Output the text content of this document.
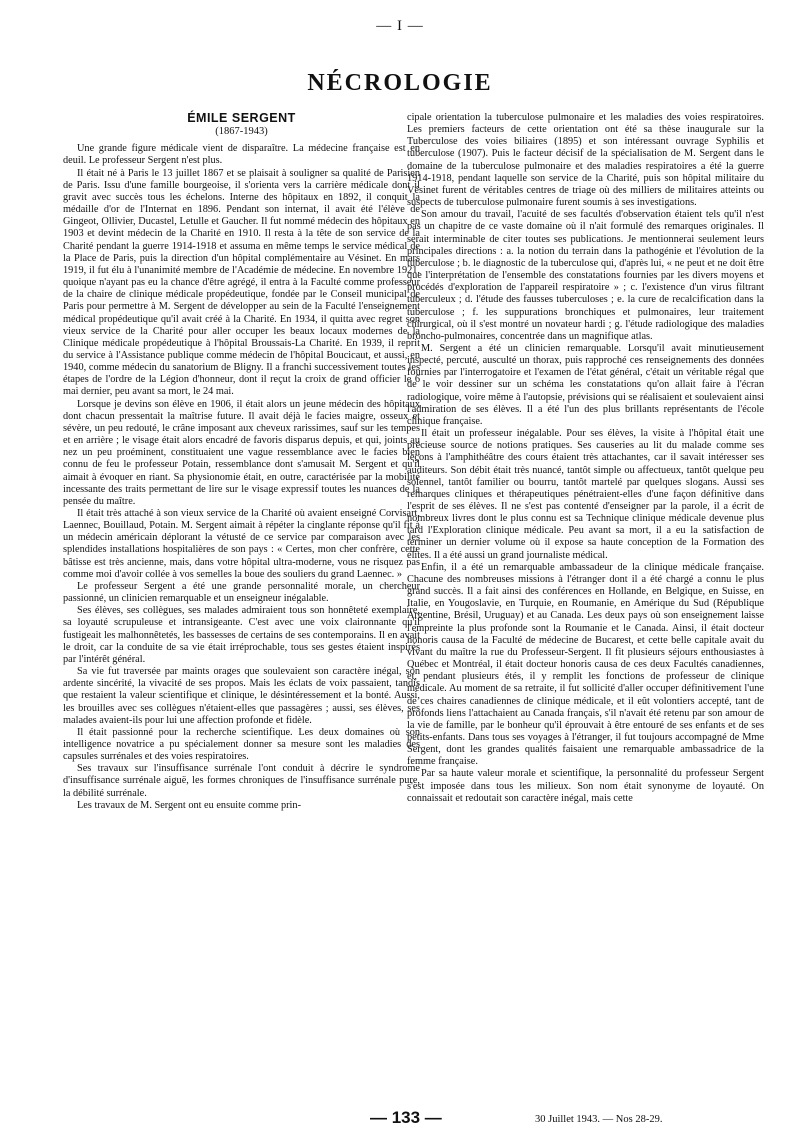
— I —
NÉCROLOGIE
ÉMILE SERGENT
(1867-1943)

Une grande figure médicale vient de disparaître. La médecine française est en deuil. Le professeur Sergent n'est plus.

Il était né à Paris le 13 juillet 1867 et se plaisait à souligner sa qualité de Parisien de Paris. Issu d'une famille bourgeoise, il s'orienta vers la carrière médicale dont il gravit avec succès tous les échelons. Interne des hôpitaux en 1892, il conquit la médaille d'or de l'Internat en 1896. Pendant son internat, il avait été l'élève de Gingeot, Ollivier, Ducastel, Letulle et Gaucher. Il fut nommé médecin des hôpitaux en 1903 et devint médecin de la Charité en 1910. Il resta à la tête de son service de la Charité pendant la guerre 1914-1918 et assuma en même temps le service médical de la Place de Paris, puis la direction d'un hôpital complémentaire au Vésinet. En mars 1919, il fut élu à l'unanimité membre de l'Académie de médecine. En novembre 1921, quoique n'ayant pas eu la chance d'être agrégé, il entra à la Faculté comme professeur de la chaire de clinique médicale propédeutique, fondée par le Conseil municipal de Paris pour permettre à M. Sergent de développer au sein de la Faculté l'enseignement médical propédeutique qu'il avait créé à la Charité. En 1934, il quitta avec regret son vieux service de la Charité pour aller occuper les beaux locaux modernes de la Clinique médicale propédeutique à l'hôpital Broussais-La Charité. En 1939, il reprit du service à l'Assistance publique comme médecin de l'hôpital Boucicaut, et aussi, en 1940, comme médecin du sanatorium de Bligny. Il a franchi successivement toutes les étapes de l'ordre de la Légion d'honneur, dont il reçut la croix de grand officier le 6 mai dernier, peu avant sa mort, le 24 mai.

Lorsque je devins son élève en 1906, il était alors un jeune médecin des hôpitaux dont chacun pressentait la maîtrise future. Il avait déjà le facies maigre, osseux et sévère, un peu redouté, le crâne imposant aux cheveux rarissimes, sauf sur les tempes et en arrière ; le visage était alors encadré de favoris disparus depuis, et qui, joints au nez un peu proéminent, constituaient une vague ressemblance avec le facies bien connu de feu le professeur Potain, ressemblance dont s'amusait M. Sergent et qu'il aimait à évoquer en riant. Sa physionomie était, en outre, caractérisée par la mobilité incessante des traits permettant de lire sur le visage expressif toutes les nuances de la pensée du maître.

Il était très attaché à son vieux service de la Charité où avaient enseigné Corvisart, Laennec, Bouillaud, Potain. M. Sergent aimait à répéter la cinglante réponse qu'il fit à un médecin américain déplorant la vétusté de ce service par comparaison avec les splendides installations hospitalières de son pays : « Certes, mon cher confrère, cette bâtisse est très ancienne, mais, dans votre hôpital ultra-moderne, vous ne risquez pas comme moi d'avoir collée à vos semelles la boue des souliers du grand Laennec. »

Le professeur Sergent a été une grande personnalité morale, un chercheur passionné, un clinicien remarquable et un enseigneur inégalable.

Ses élèves, ses collègues, ses malades admiraient tous son honnêteté exemplaire, sa loyauté scrupuleuse et intransigeante. C'est avec une voix claironnante qu'il fustigeait les malhonnêtetés, les bassesses de certains de ses contemporains. Il en avait le droit, car la conduite de sa vie était irréprochable, tous ses gestes étaient inspirés par l'intérêt général.

Sa vie fut traversée par maints orages que soulevaient son caractère inégal, son ardente sincérité, la vivacité de ses propos. Mais les éclats de voix passaient, tandis que restaient la valeur scientifique et clinique, le désintéressement et la bonté. Aussi, les brouilles avec ses collègues n'étaient-elles que passagères ; aussi, ses élèves, ses malades avaient-ils pour lui une affection profonde et fidèle.

Il était passionné pour la recherche scientifique. Les deux domaines où son intelligence novatrice a pu spécialement donner sa mesure sont les maladies des capsules surrénales et des voies respiratoires.

Ses travaux sur l'insuffisance surrénale l'ont conduit à décrire le syndrome d'insuffisance surrénale aiguë, les formes chroniques de l'insuffisance surrénale pure, la débilité surrénale.

Les travaux de M. Sergent ont eu ensuite comme prin-

cipale orientation la tuberculose pulmonaire et les maladies des voies respiratoires. Les premiers facteurs de cette orientation ont été sa thèse inaugurale sur la Tuberculose des voies biliaires (1895) et son intéressant ouvrage Syphilis et tuberculose (1907). Puis le facteur décisif de la spécialisation de M. Sergent dans le domaine de la tuberculose pulmonaire et des maladies respiratoires a été la guerre 1914-1918, pendant laquelle son service de la Charité, puis son hôpital militaire du Vésinet furent de véritables centres de triage où des milliers de militaires atteints ou suspects de tuberculose pulmonaire furent soumis à ses investigations.

Son amour du travail, l'acuité de ses facultés d'observation étaient tels qu'il n'est pas un chapitre de ce vaste domaine où il n'ait formulé des remarques originales. Il serait interminable de citer toutes ses publications. Je mentionnerai seulement leurs principales directions : a. la notion du terrain dans la pathogénie et l'évolution de la tuberculose ; b. le diagnostic de la tuberculose qui, d'après lui, « ne peut et ne doit être que l'interprétation de l'ensemble des constatations fournies par les divers moyens et procédés d'exploration de l'appareil respiratoire » ; c. l'existence d'un virus filtrant tuberculeux ; d. l'étude des fausses tuberculoses ; e. la cure de recalcification dans la tuberculose ; f. les suppurations bronchiques et pulmonaires, leur traitement chirurgical, où il s'est montré un novateur hardi ; g. l'étude radiologique des maladies broncho-pulmonaires, concentrée dans un magnifique atlas.

M. Sergent a été un clinicien remarquable. Lorsqu'il avait minutieusement inspecté, percuté, ausculté un thorax, puis rapproché ces renseignements des données fournies par l'interrogatoire et l'examen de l'état général, c'était un véritable régal que de le voir dessiner sur un schéma les constatations qu'on allait faire à l'écran radiologique, voire même à l'autopsie, prévisions qui se réalisaient et soulevaient ainsi l'admiration de ses élèves. Il a été l'un des plus brillants représentants de l'école clinique française.

Il était un professeur inégalable. Pour ses élèves, la visite à l'hôpital était une précieuse source de notions pratiques. Ses causeries au lit du malade comme ses leçons à l'amphithéâtre des cours étaient très attachantes, car il savait intéresser ses auditeurs. Son débit était très nuancé, tantôt simple ou affectueux, tantôt quelque peu solennel, tantôt familier ou bourru, tantôt martelé par quelques slogans. Aussi ses remarques cliniques et thérapeutiques pénétraient-elles d'une façon définitive dans l'esprit de ses élèves. Il ne s'est pas contenté d'enseigner par la parole, il a écrit de nombreux livres dont le plus connu est sa Technique clinique médicale devenue plus tard l'Exploration clinique médicale. Peu avant sa mort, il a eu la satisfaction de terminer un dernier volume où il expose sa haute conception de la Formation des élites. Il a été aussi un grand journaliste médical.

Enfin, il a été un remarquable ambassadeur de la clinique médicale française. Chacune des nombreuses missions à l'étranger dont il a été chargé a connu le plus grand succès. Il a fait ainsi des conférences en Hollande, en Belgique, en Suisse, en Italie, en Yougoslavie, en Turquie, en Roumanie, en Amérique du Sud (République Argentine, Brésil, Uruguay) et au Canada. Les deux pays où son enseignement laisse l'empreinte la plus profonde sont la Roumanie et le Canada. Ainsi, il était docteur honoris causa de la Faculté de médecine de Bucarest, et cette belle capitale avait du vivant du maître la rue du Professeur-Sergent. Il fit plusieurs séjours enthousiastes à Québec et Montréal, il était docteur honoris causa de ces deux Facultés canadiennes, et, pendant plusieurs étés, il y remplit les fonctions de professeur de clinique médicale. Au moment de sa retraite, il fut sollicité d'aller occuper définitivement l'une de ces chaires canadiennes de clinique médicale, et il eût volontiers accepté, tant de profonds liens l'attachaient au Canada français, s'il n'avait été retenu par son amour de la vie de famille, par le bonheur qu'il éprouvait à être entouré de ses enfants et de ses petits-enfants. Dans tous ses voyages à l'étranger, il fut toujours accompagné de Mme Sergent, dont les grandes qualités faisaient une remarquable ambassadrice de la femme française.

Par sa haute valeur morale et scientifique, la personnalité du professeur Sergent s'est imposée dans tous les milieux. Son nom était synonyme de loyauté. On connaissait et redoutait son caractère inégal, mais cette

— 133 —	30 Juillet 1943. — Nos 28-29.
